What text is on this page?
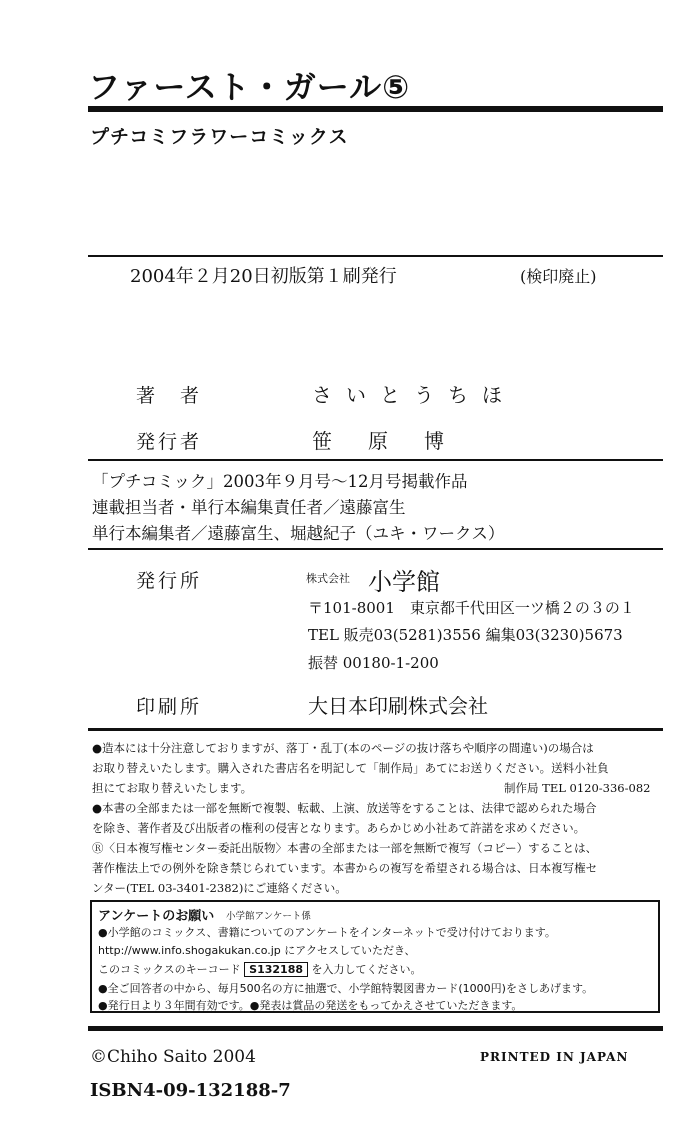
ファースト・ガール⑤
プチコミフラワーコミックス
2004年２月20日初版第１刷発行	(検印廃止)
著　者	さいとうちほ
発行者	笹原博
「プチコミック」2003年９月号〜12月号掲載作品
連載担当者・単行本編集責任者／遠藤富生
単行本編集者／遠藤富生、堀越紀子（ユキ・ワークス）
発行所	株式会社 小学館
〒101-8001　東京都千代田区一ツ橋２の３の１
TEL 販売03(5281)3556 編集03(3230)5673
振替 00180-1-200
印刷所	大日本印刷株式会社
●造本には十分注意しておりますが、落丁・乱丁(本のページの抜け落ちや順序の間違い)の場合は
お取り替えいたします。購入された書店名を明記して「制作局」あてにお送りください。送料小社負
担にてお取り替えいたします。	制作局 TEL 0120-336-082
●本書の全部または一部を無断で複製、転載、上演、放送等をすることは、法律で認められた場合
を除き、著作者及び出版者の権利の侵害となります。あらかじめ小社あて許諾を求めください。
Ⓡ〈日本複写権センター委託出版物〉本書の全部または一部を無断で複写（コピー）することは、
著作権法上での例外を除き禁じられています。本書からの複写を希望される場合は、日本複写権セ
ンター(TEL 03-3401-2382)にご連絡ください。
アンケートのお願い 小学館アンケート係
●小学館のコミックス、書籍についてのアンケートをインターネットで受け付けております。
http://www.info.shogakukan.co.jp にアクセスしていただき、
このコミックスのキーコード S132188 を入力してください。
●全ご回答者の中から、毎月500名の方に抽選で、小学館特製図書カード(1000円)をさしあげます。
●発行日より３年間有効です。●発表は賞品の発送をもってかえさせていただきます。
©Chiho Saito 2004	PRINTED IN JAPAN
ISBN4-09-132188-7
